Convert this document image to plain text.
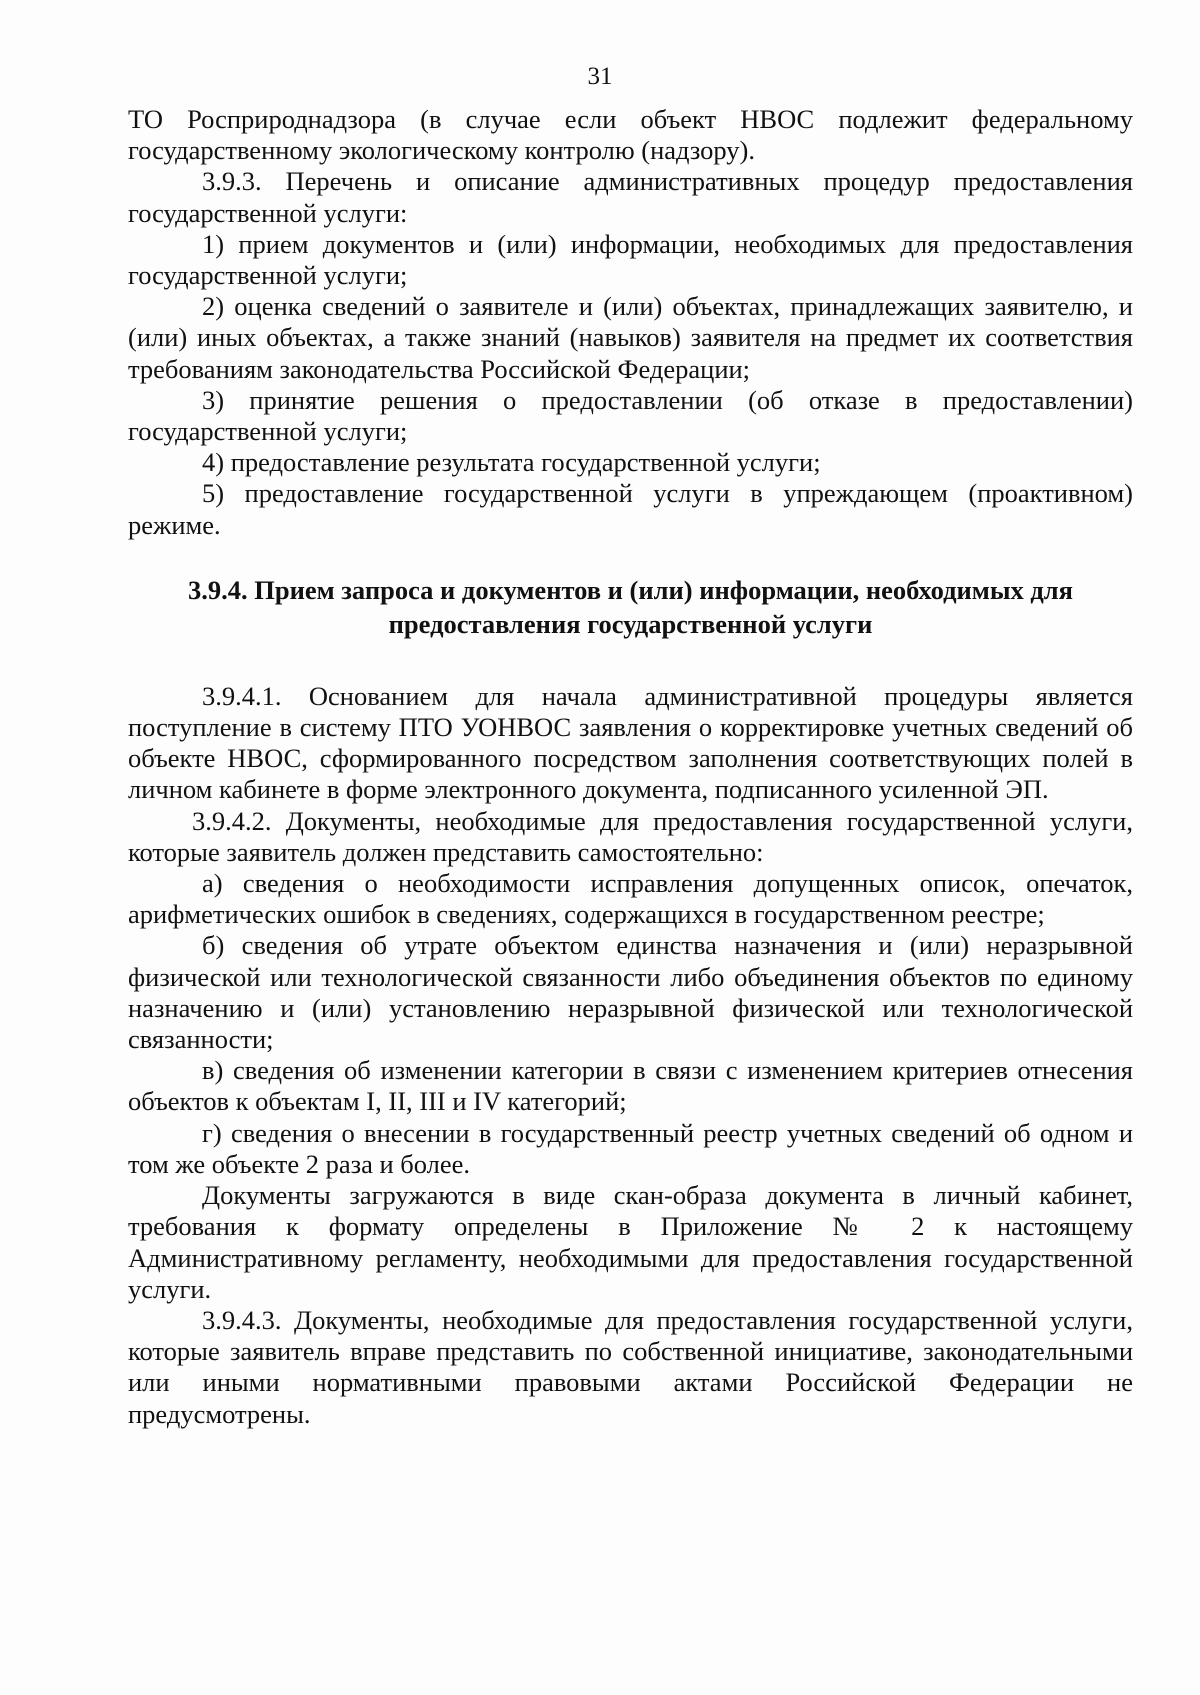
31

ТО Росприроднадзора (в случае если объект НВОС подлежит федеральному государственному экологическому контролю (надзору).

3.9.3. Перечень и описание административных процедур предоставления государственной услуги:

1) прием документов и (или) информации, необходимых для предоставления государственной услуги;

2) оценка сведений о заявителе и (или) объектах, принадлежащих заявителю, и (или) иных объектах, а также знаний (навыков) заявителя на предмет их соответствия требованиям законодательства Российской Федерации;

3) принятие решения о предоставлении (об отказе в предоставлении) государственной услуги;

4) предоставление результата государственной услуги;

5) предоставление государственной услуги в упреждающем (проактивном) режиме.

3.9.4. Прием запроса и документов и (или) информации, необходимых для
предоставления государственной услуги

3.9.4.1. Основанием для начала административной процедуры является поступление в систему ПТО УОНВОС заявления о корректировке учетных сведений об объекте НВОС, сформированного посредством заполнения соответствующих полей в личном кабинете в форме электронного документа, подписанного усиленной ЭП.

3.9.4.2. Документы, необходимые для предоставления государственной услуги, которые заявитель должен представить самостоятельно:

а) сведения о необходимости исправления допущенных описок, опечаток, арифметических ошибок в сведениях, содержащихся в государственном реестре;

б) сведения об утрате объектом единства назначения и (или) неразрывной физической или технологической связанности либо объединения объектов по единому назначению и (или) установлению неразрывной физической или технологической связанности;

в) сведения об изменении категории в связи с изменением критериев отнесения объектов к объектам I, II, III и IV категорий;

г) сведения о внесении в государственный реестр учетных сведений об одном и том же объекте 2 раза и более.

Документы загружаются в виде скан-образа документа в личный кабинет, требования к формату определены в Приложение № 2 к настоящему Административному регламенту, необходимыми для предоставления государственной услуги.

3.9.4.3. Документы, необходимые для предоставления государственной услуги, которые заявитель вправе представить по собственной инициативе, законодательными или иными нормативными правовыми актами Российской Федерации не предусмотрены.
